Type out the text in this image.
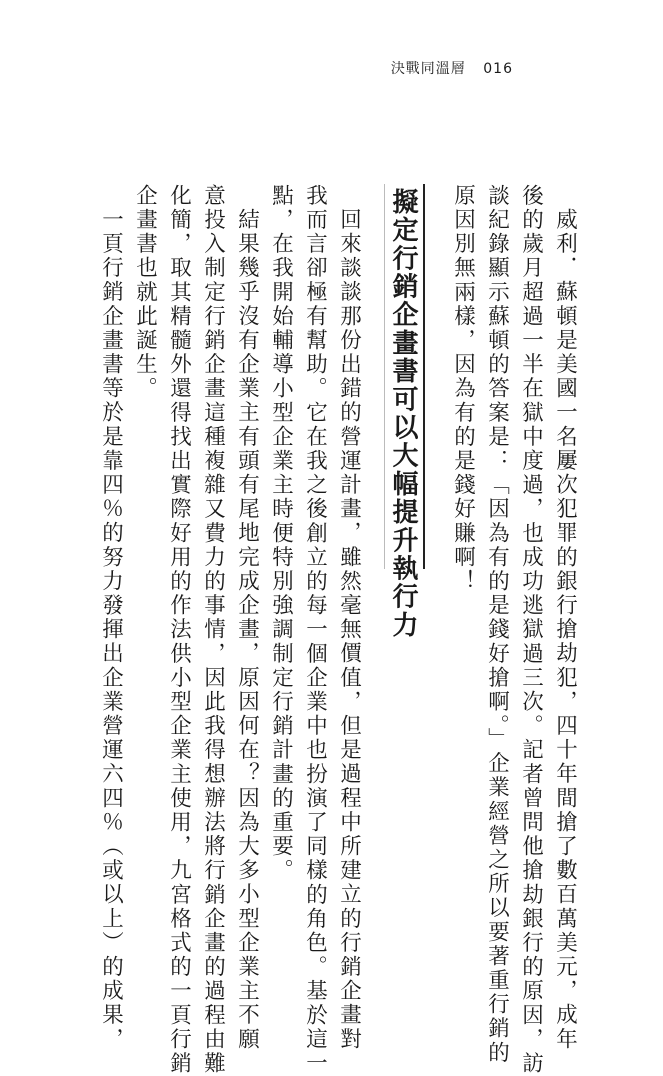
決戰同溫層 016
威利．蘇頓是美國一名屢次犯罪的銀行搶劫犯，四十年間搶了數百萬美元，成年
後的歲月超過一半在獄中度過，也成功逃獄過三次。記者曾問他搶劫銀行的原因，訪
談紀錄顯示蘇頓的答案是：「因為有的是錢好搶啊。」企業經營之所以要著重行銷的
原因別無兩樣，因為有的是錢好賺啊！
擬定行銷企畫書可以大幅提升執行力
回來談談那份出錯的營運計畫，雖然毫無價值，但是過程中所建立的行銷企畫對
我而言卻極有幫助。它在我之後創立的每一個企業中也扮演了同樣的角色。基於這一
點，在我開始輔導小型企業主時便特別強調制定行銷計畫的重要。
結果幾乎沒有企業主有頭有尾地完成企畫，原因何在？因為大多小型企業主不願
意投入制定行銷企畫這種複雜又費力的事情，因此我得想辦法將行銷企畫的過程由難
化簡，取其精髓外還得找出實際好用的作法供小型企業主使用，九宮格式的一頁行銷
企畫書也就此誕生。
一頁行銷企畫書等於是靠四％的努力發揮出企業營運六四％（或以上）的成果，
